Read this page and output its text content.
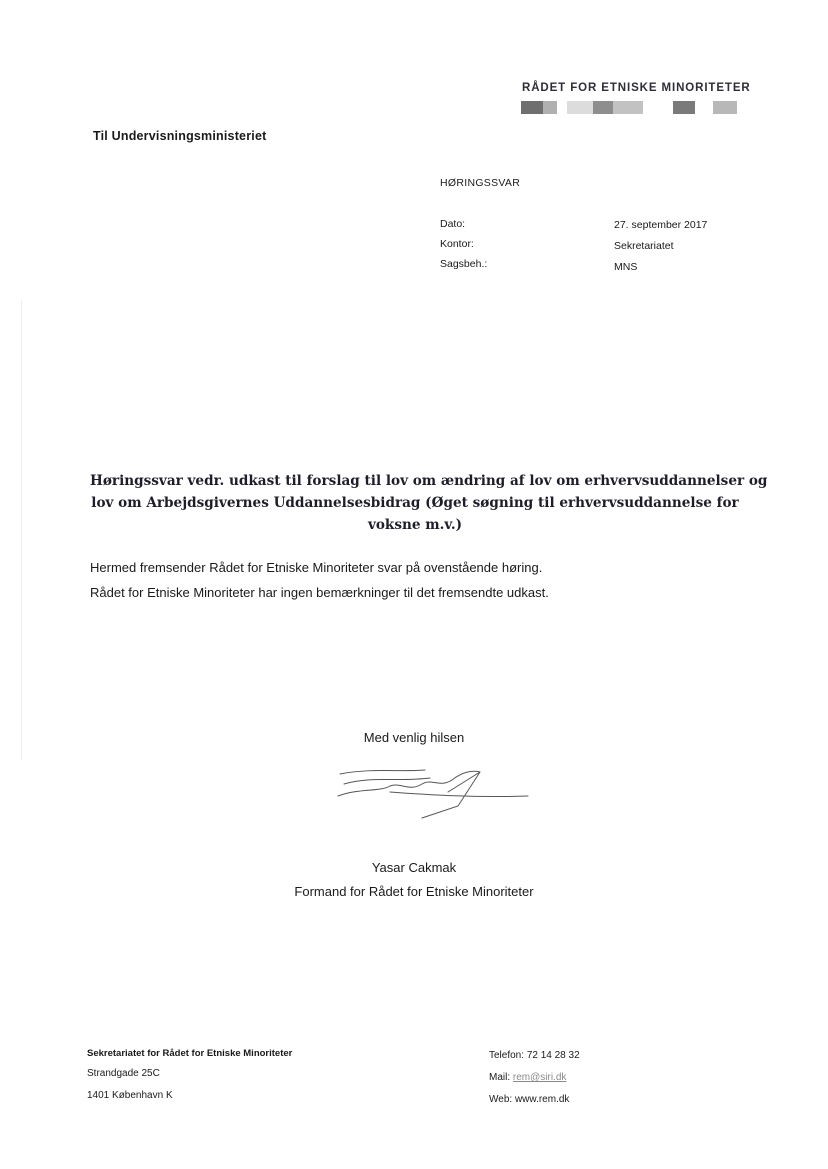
RÅDET FOR ETNISKE MINORITETER
Til Undervisningsministeriet
HØRINGSSVAR
Dato:	27. september 2017
Kontor:	Sekretariatet
Sagsbeh.:	MNS
Høringssvar vedr. udkast til forslag til lov om ændring af lov om erhvervsuddannelser og
lov om Arbejdsgivernes Uddannelsesbidrag (Øget søgning til erhvervsuddannelse for
voksne m.v.)
Hermed fremsender Rådet for Etniske Minoriteter svar på ovenstående høring.
Rådet for Etniske Minoriteter har ingen bemærkninger til det fremsendte udkast.
Med venlig hilsen
Yasar Cakmak
Formand for Rådet for Etniske Minoriteter
Sekretariatet for Rådet for Etniske Minoriteter
Strandgade 25C
1401 København K
Telefon: 72 14 28 32
Mail: rem@siri.dk
Web: www.rem.dk
